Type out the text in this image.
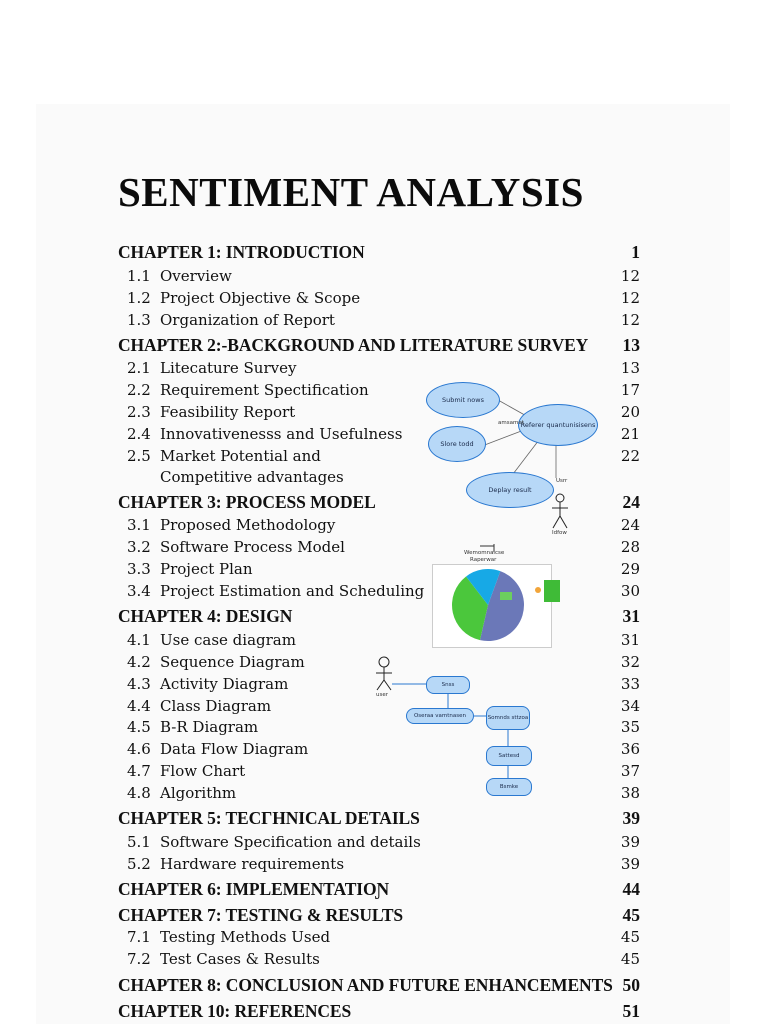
SENTIMENT ANALYSIS
CHAPTER 1: INTRODUCTION	1
1.1 Overview	12
1.2 Project Objective & Scope	12
1.3 Organization of Report	12
CHAPTER 2:-BACKGROUND AND LITERATURE SURVEY 13
2.1 Litecature Survey	13
2.2 Requirement Spectification	17
2.3 Feasibility Report	20
2.4 Innovativenesss and Usefulness	21
2.5 Market Potential and	22
Competitive advantages
CHAPTER 3: PROCESS MODEL	24
3.1 Proposed Methodology	24
3.2 Software Process Model	28
3.3 Project Plan	29
3.4 Project Estimation and Scheduling	30
CHAPTER 4: DESIGN	31
4.1 Use case diagram	31
4.2 Sequence Diagram	32
4.3 Activity Diagram	33
4.4 Class Diagram	34
4.5 B-R Diagram	35
4.6 Data Flow Diagram	36
4.7 Flow Chart	37
4.8 Algorithm	38
CHAPTER 5: TECΓHNICAL DETAILS	39
5.1 Software Specification and details	39
5.2 Hardware requirements	39
CHAPTER 6: IMPLEMENTATIOƝ	44
CHAPTER 7: TESTING & RESULTS	45
7.1 Testing Methods Used	45
7.2 Test Cases & Results	45
CHAPTER 8: CONCLUSION AND FUTURE ENHANCEMENTS 50
CHAPTER 10: REFERENCES	51
Submit nows
Referer quantunisisens
Slore todd
Deplay result
amsamet
Usrr
Idfow
Wemomnaicse
Raperwar
user
Snss
Oseraa vamtnasen	Somnds sttzoa
Sattesd
Bsmke
